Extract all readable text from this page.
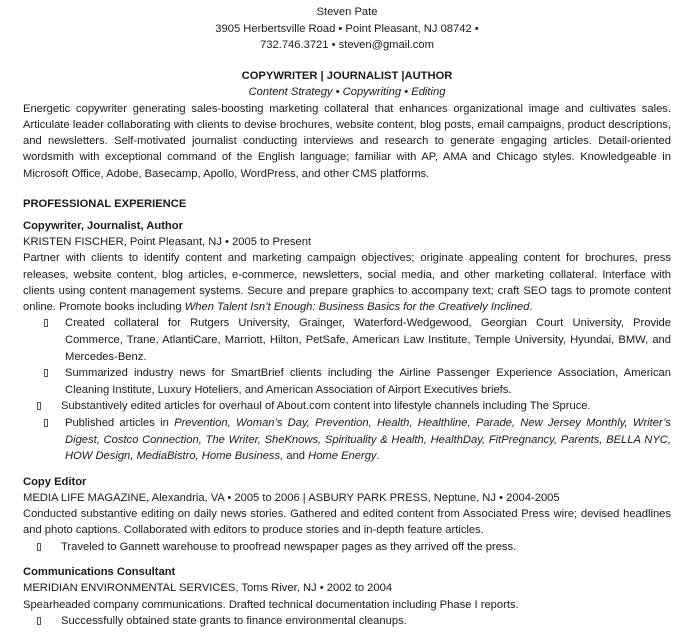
Steven Pate
3905 Herbertsville Road • Point Pleasant, NJ 08742 •
732.746.3721 • steven@gmail.com
COPYWRITER | JOURNALIST |AUTHOR
Content Strategy • Copywriting • Editing
Energetic copywriter generating sales-boosting marketing collateral that enhances organizational image and cultivates sales. Articulate leader collaborating with clients to devise brochures, website content, blog posts, email campaigns, product descriptions, and newsletters. Self-motivated journalist conducting interviews and research to generate engaging articles. Detail-oriented wordsmith with exceptional command of the English language; familiar with AP, AMA and Chicago styles. Knowledgeable in Microsoft Office, Adobe, Basecamp, Apollo, WordPress, and other CMS platforms.
PROFESSIONAL EXPERIENCE
Copywriter, Journalist, Author
KRISTEN FISCHER, Point Pleasant, NJ • 2005 to Present
Partner with clients to identify content and marketing campaign objectives; originate appealing content for brochures, press releases, website content, blog articles, e-commerce, newsletters, social media, and other marketing collateral. Interface with clients using content management systems. Secure and prepare graphics to accompany text; craft SEO tags to promote content online. Promote books including When Talent Isn’t Enough: Business Basics for the Creatively Inclined.
Created collateral for Rutgers University, Grainger, Waterford-Wedgewood, Georgian Court University, Provide Commerce, Trane, AtlantiCare, Marriott, Hilton, PetSafe, American Law Institute, Temple University, Hyundai, BMW, and Mercedes-Benz.
Summarized industry news for SmartBrief clients including the Airline Passenger Experience Association, American Cleaning Institute, Luxury Hoteliers, and American Association of Airport Executives briefs.
Substantively edited articles for overhaul of About.com content into lifestyle channels including The Spruce.
Published articles in Prevention, Woman’s Day, Prevention, Health, Healthline, Parade, New Jersey Monthly, Writer’s Digest, Costco Connection, The Writer, SheKnows, Spirituality & Health, HealthDay, FitPregnancy, Parents, BELLA NYC, HOW Design, MediaBistro, Home Business, and Home Energy.
Copy Editor
MEDIA LIFE MAGAZINE, Alexandria, VA • 2005 to 2006 | ASBURY PARK PRESS, Neptune, NJ • 2004-2005
Conducted substantive editing on daily news stories. Gathered and edited content from Associated Press wire; devised headlines and photo captions. Collaborated with editors to produce stories and in-depth feature articles.
Traveled to Gannett warehouse to proofread newspaper pages as they arrived off the press.
Communications Consultant
MERIDIAN ENVIRONMENTAL SERVICES, Toms River, NJ • 2002 to 2004
Spearheaded company communications. Drafted technical documentation including Phase I reports.
Successfully obtained state grants to finance environmental cleanups.
